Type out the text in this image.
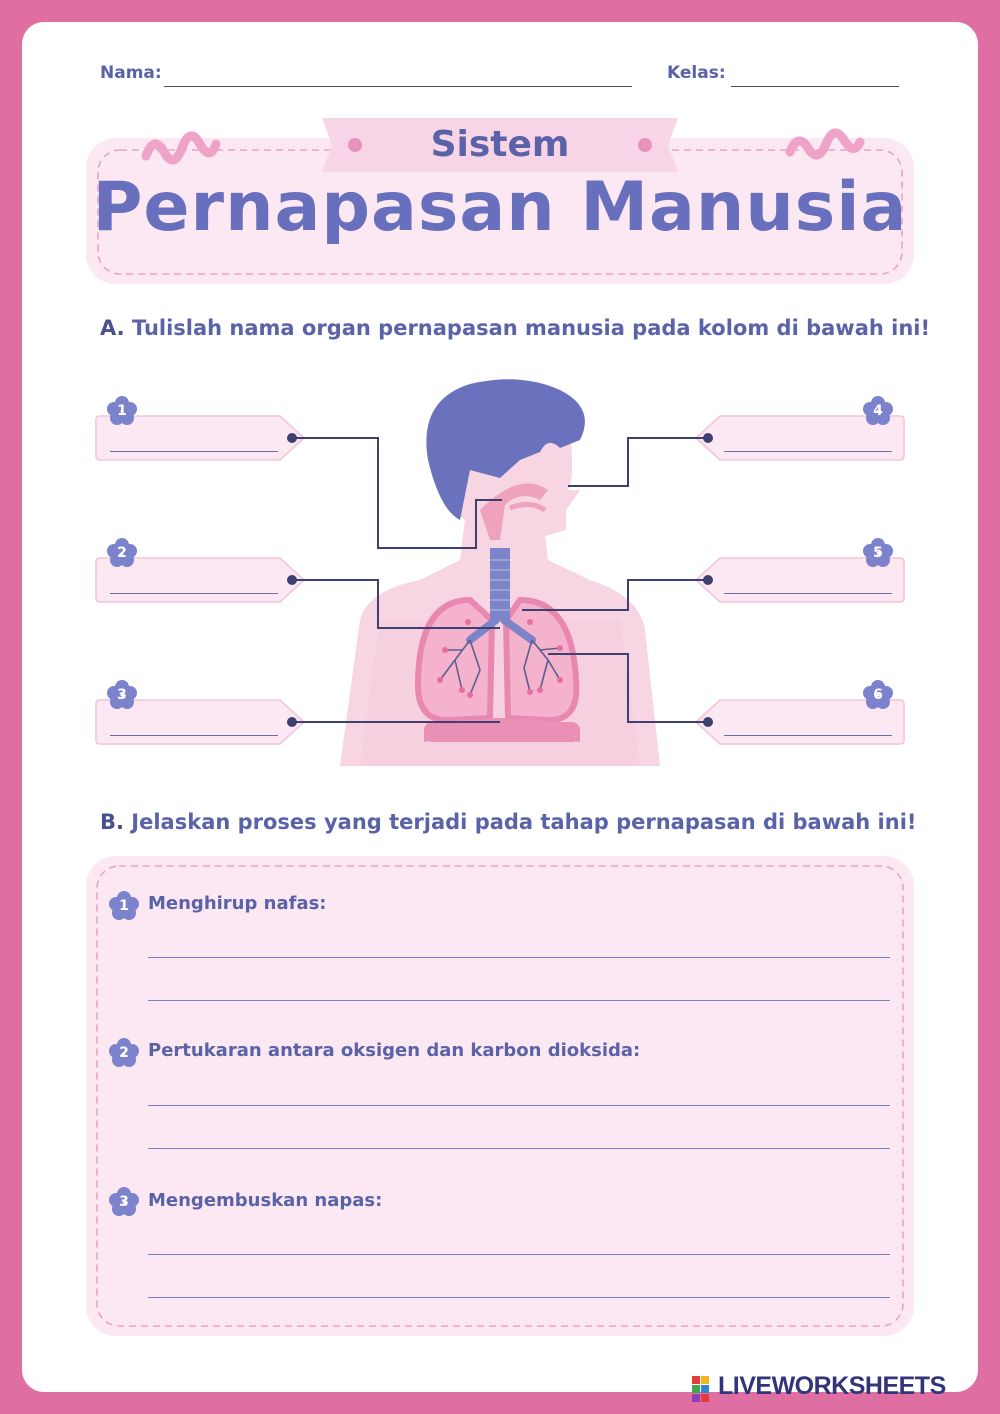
Nama:	Kelas:
Sistem
Pernapasan Manusia
A. Tulislah nama organ pernapasan manusia pada kolom di bawah ini!
1
2
3
4
5
6
B. Jelaskan proses yang terjadi pada tahap pernapasan di bawah ini!
1
2
3
Menghirup nafas:
Pertukaran antara oksigen dan karbon dioksida:
Mengembuskan napas:
LIVEWORKSHEETS
